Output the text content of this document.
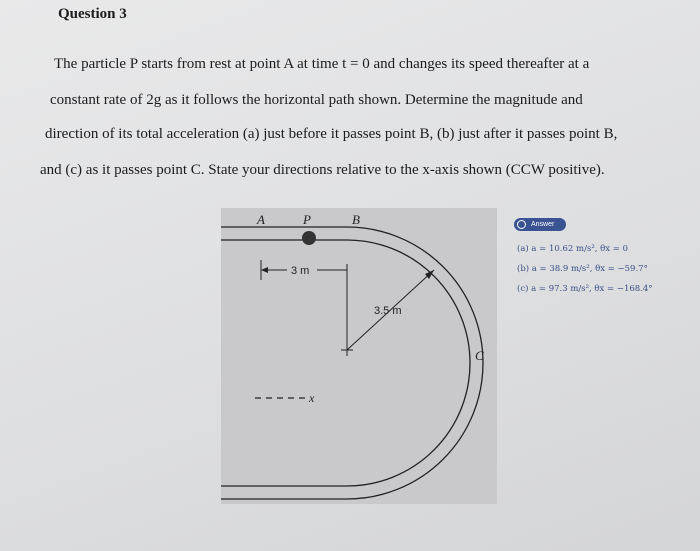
Question 3
The particle P starts from rest at point A at time t = 0 and changes its speed thereafter at a
constant rate of 2g as it follows the horizontal path shown. Determine the magnitude and
direction of its total acceleration (a) just before it passes point B, (b) just after it passes point B,
and (c) as it passes point C. State your directions relative to the x-axis shown (CCW positive).
A	P	B
C
3 m
3.5 m
x
Answer
(a) a = 10.62 m/s², θx = 0
(b) a = 38.9 m/s², θx = −59.7°
(c) a = 97.3 m/s², θx = −168.4°
